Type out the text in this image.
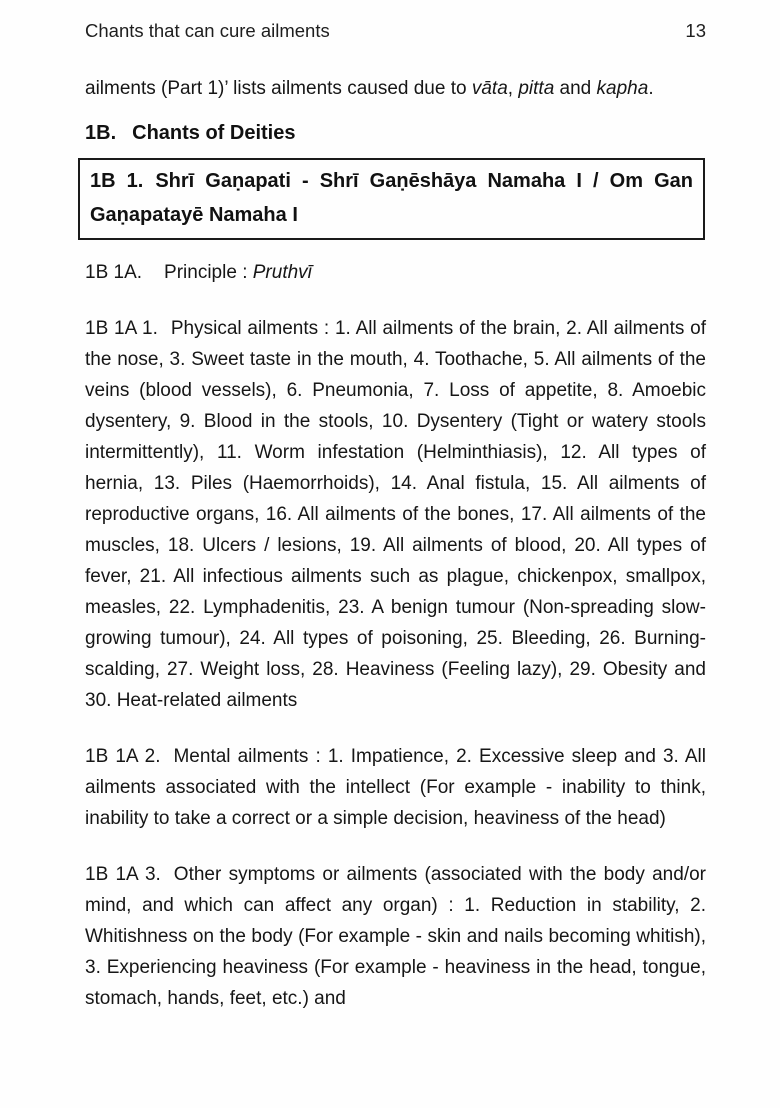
Chants that can cure ailments	13

ailments (Part 1)’ lists ailments caused due to vāta, pitta and kapha.

1B. Chants of Deities
1B 1. Shrī Gaṇapati - Shrī Gaṇēshāya Namaha I / Om Gan Gaṇapatayē Namaha I

1B 1A. Principle : Pruthvī

1B 1A 1. Physical ailments : 1. All ailments of the brain, 2. All ailments of the nose, 3. Sweet taste in the mouth, 4. Toothache, 5. All ailments of the veins (blood vessels), 6. Pneumonia, 7. Loss of appetite, 8. Amoebic dysentery, 9. Blood in the stools, 10. Dysentery (Tight or watery stools intermittently), 11. Worm infestation (Helminthiasis), 12. All types of hernia, 13. Piles (Haemorrhoids), 14. Anal fistula, 15. All ailments of reproductive organs, 16. All ailments of the bones, 17. All ailments of the muscles, 18. Ulcers / lesions, 19. All ailments of blood, 20. All types of fever, 21. All infectious ailments such as plague, chickenpox, smallpox, measles, 22. Lymphadenitis, 23. A benign tumour (Non-spreading slow-growing tumour), 24. All types of poisoning, 25. Bleeding, 26. Burning-scalding, 27. Weight loss, 28. Heaviness (Feeling lazy), 29. Obesity and 30. Heat-related ailments

1B 1A 2. Mental ailments : 1. Impatience, 2. Excessive sleep and 3. All ailments associated with the intellect (For example - inability to think, inability to take a correct or a simple decision, heaviness of the head)

1B 1A 3. Other symptoms or ailments (associated with the body and/or mind, and which can affect any organ) : 1. Reduction in stability, 2. Whitishness on the body (For example - skin and nails becoming whitish), 3. Experiencing heaviness (For example - heaviness in the head, tongue, stomach, hands, feet, etc.) and
